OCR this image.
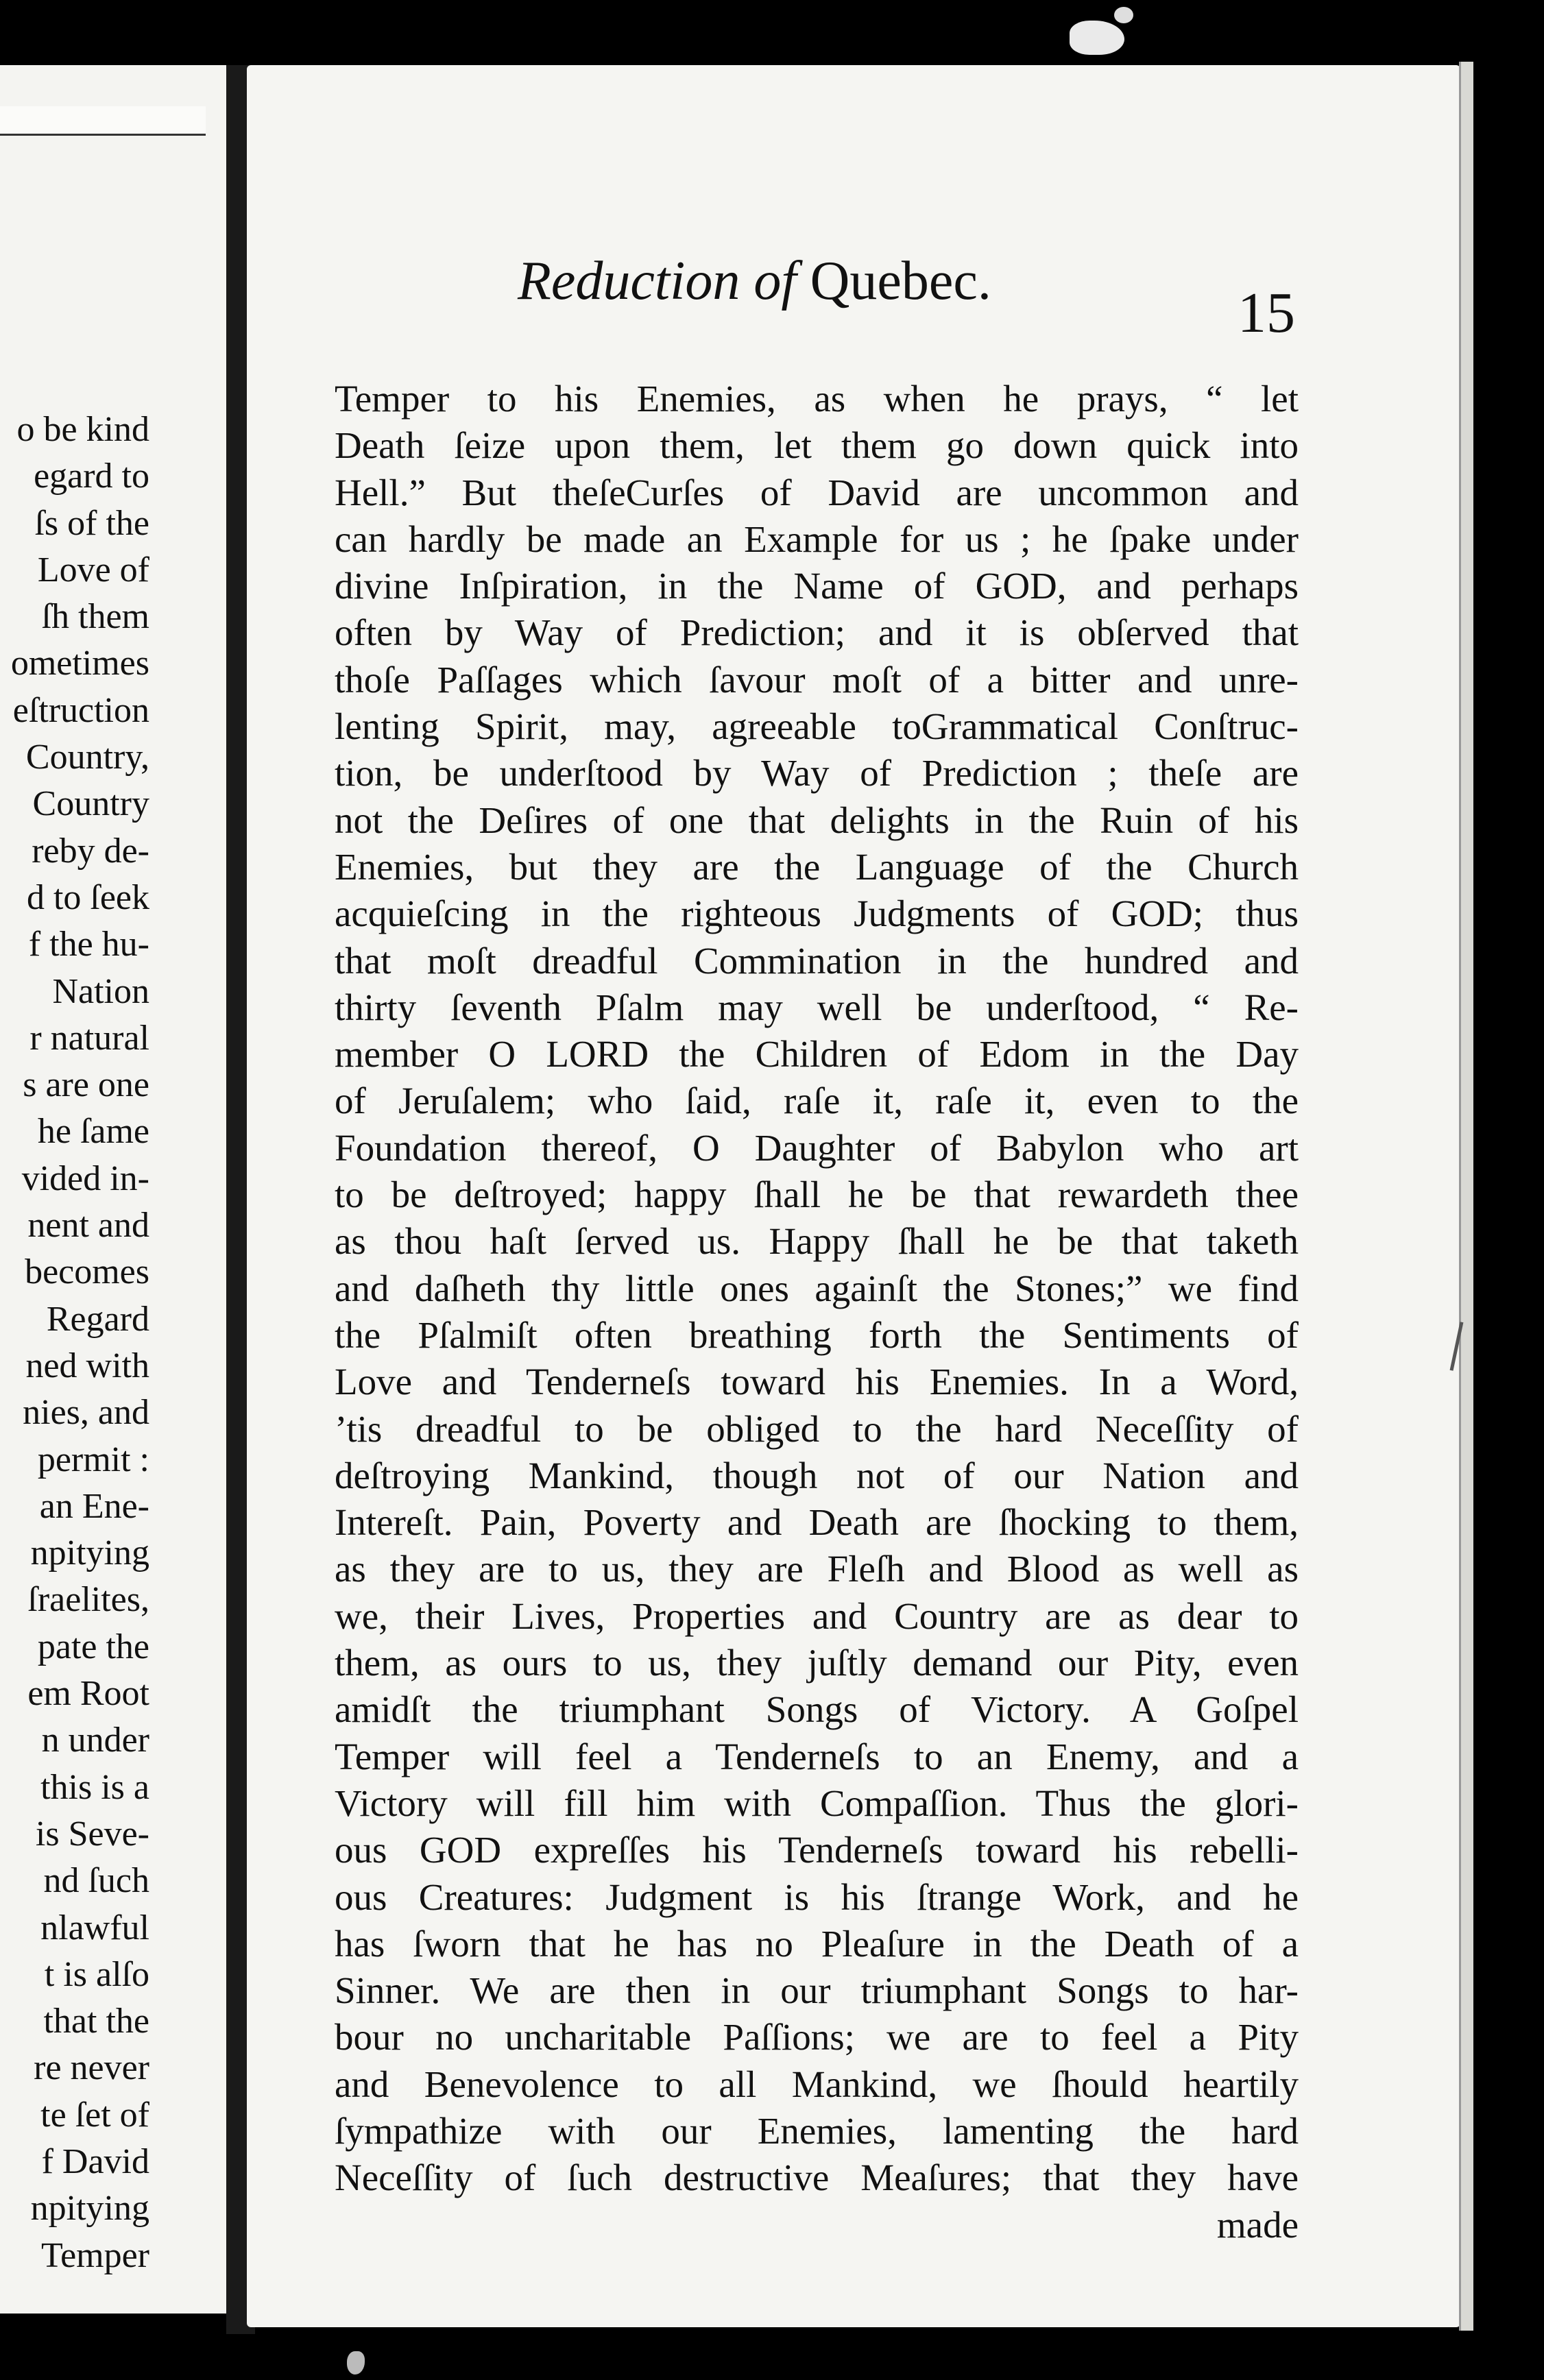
o be kind
egard to
ſs of the
Love of
ſh them
ometimes
eſtruction
Country,
Country
reby de-
d to ſeek
f the hu-
Nation
r natural
s are one
he ſame
vided in-
nent and
becomes
Regard
ned with
nies, and
permit :
an Ene-
npitying
ſraelites,
pate the
em Root
n under
this is a
is Seve-
nd ſuch
nlawful
t is alſo
that the
re never
te ſet of
f David
npitying
Temper
Reduction of Quebec.	15
Temper to his Enemies, as when he prays, “ let
Death ſeize upon them, let them go down quick into
Hell.” But theſeCurſes of David are uncommon and
can hardly be made an Example for us ; he ſpake under
divine Inſpiration, in the Name of GOD, and perhaps
often by Way of Prediction; and it is obſerved that
thoſe Paſſages which ſavour moſt of a bitter and unre-
lenting Spirit, may, agreeable toGrammatical Conſtruc-
tion, be underſtood by Way of Prediction ; theſe are
not the Deſires of one that delights in the Ruin of his
Enemies, but they are the Language of the Church
acquieſcing in the righteous Judgments of GOD; thus
that moſt dreadful Commination in the hundred and
thirty ſeventh Pſalm may well be underſtood, “ Re-
member O LORD the Children of Edom in the Day
of Jeruſalem; who ſaid, raſe it, raſe it, even to the
Foundation thereof, O Daughter of Babylon who art
to be deſtroyed; happy ſhall he be that rewardeth thee
as thou haſt ſerved us. Happy ſhall he be that taketh
and daſheth thy little ones againſt the Stones;” we find
the Pſalmiſt often breathing forth the Sentiments of
Love and Tenderneſs toward his Enemies. In a Word,
’tis dreadful to be obliged to the hard Neceſſity of
deſtroying Mankind, though not of our Nation and
Intereſt. Pain, Poverty and Death are ſhocking to them,
as they are to us, they are Fleſh and Blood as well as
we, their Lives, Properties and Country are as dear to
them, as ours to us, they juſtly demand our Pity, even
amidſt the triumphant Songs of Victory. A Goſpel
Temper will feel a Tenderneſs to an Enemy, and a
Victory will fill him with Compaſſion. Thus the glori-
ous GOD expreſſes his Tenderneſs toward his rebelli-
ous Creatures: Judgment is his ſtrange Work, and he
has ſworn that he has no Pleaſure in the Death of a
Sinner. We are then in our triumphant Songs to har-
bour no uncharitable Paſſions; we are to feel a Pity
and Benevolence to all Mankind, we ſhould heartily
ſympathize with our Enemies, lamenting the hard
Neceſſity of ſuch destructive Meaſures; that they have
made
